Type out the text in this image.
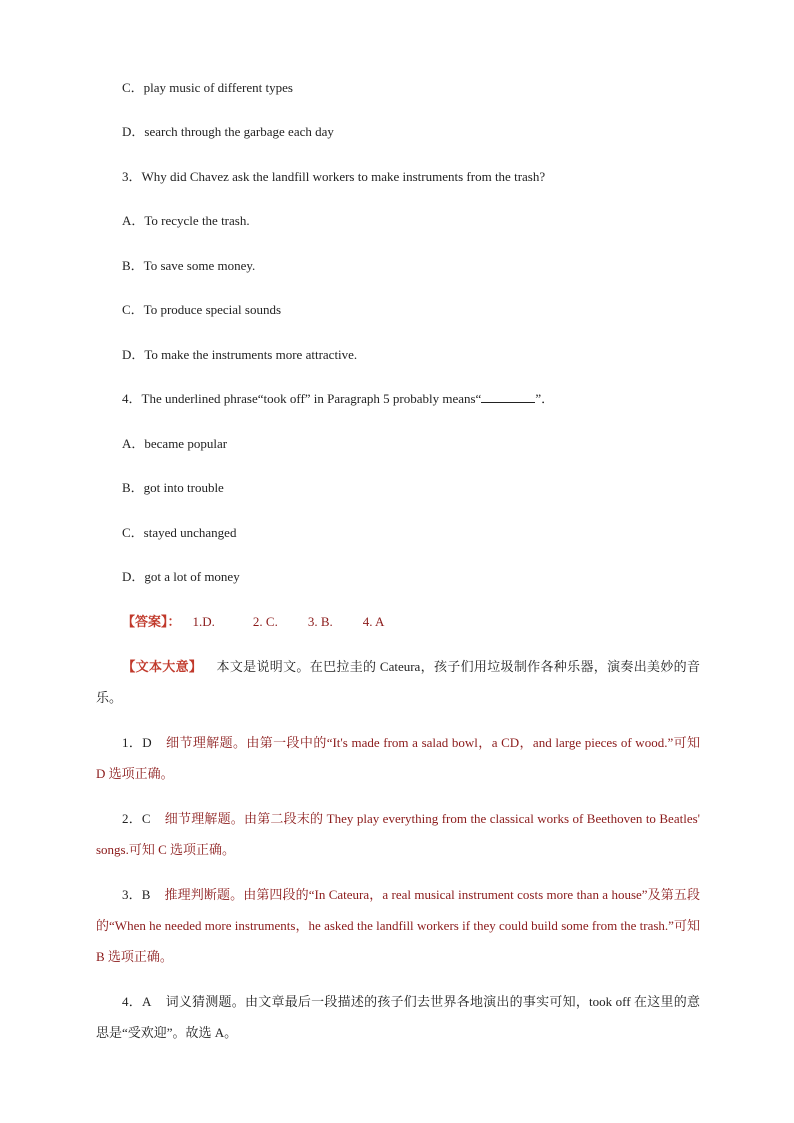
C．play music of different types
D．search through the garbage each day
3．Why did Chavez ask the landfill workers to make instruments from the trash?
A．To recycle the trash.
B．To save some money.
C．To produce special sounds
D．To make the instruments more attractive.
4．The underlined phrase“took off” in Paragraph 5 probably means“	”．
A．became popular
B．got into trouble
C．stayed unchanged
D．got a lot of money
【答案】： 1.D.	2. C. 3. B. 4. A
【文本大意】 本文是说明文。在巴拉圭的 Cateura，孩子们用垃圾制作各种乐器，演奏出美妙的音乐。
1．D 细节理解题。由第一段中的“It's made from a salad bowl，a CD，and large pieces of wood.”可知 D 选项正确。
2．C 细节理解题。由第二段末的 They play everything from the classical works of Beethoven to Beatles' songs.可知 C 选项正确。
3．B 推理判断题。由第四段的“In Cateura，a real musical instrument costs more than a house”及第五段的“When he needed more instruments，he asked the landfill workers if they could build some from the trash.”可知 B 选项正确。
4．A 词义猜测题。由文章最后一段描述的孩子们去世界各地演出的事实可知，took off 在这里的意思是“受欢迎”。故选 A。
